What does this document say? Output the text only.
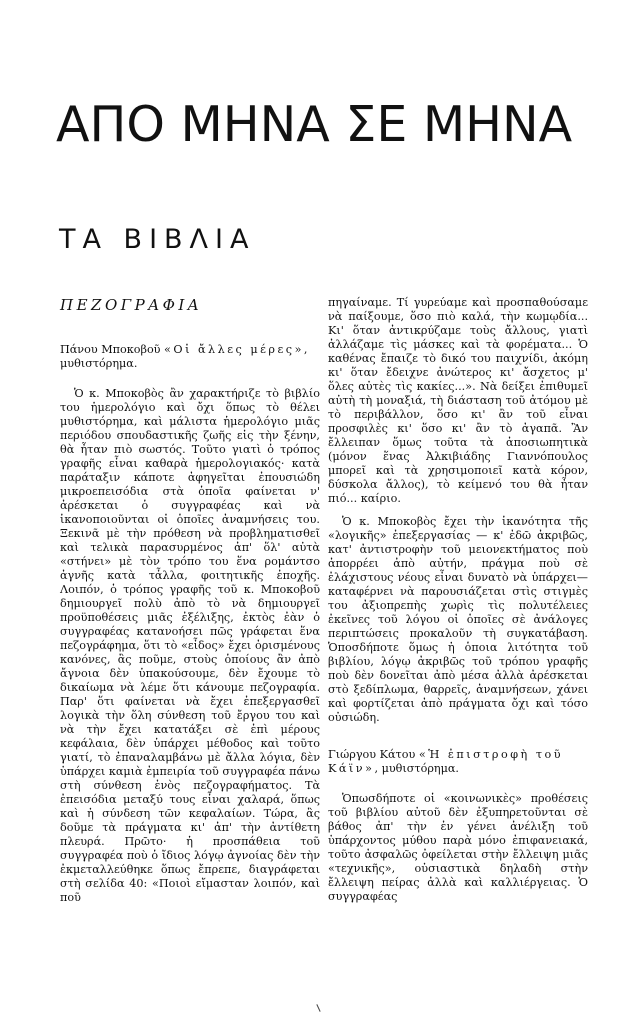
ΑΠΟ ΜΗΝΑ ΣΕ ΜΗΝΑ
ΤΑ ΒΙΒΛΙΑ
ΠΕΖΟΓΡΑΦΙΑ
Πάνου Μποκοβοῦ «Οἱ ἄλλες μέρες», μυθιστόρημα.

Ὁ κ. Μποκοβὸς ἂν χαρακτήριζε τὸ βιβλίο του ἡμερολόγιο καὶ ὄχι ὅπως τὸ θέλει μυθιστόρημα, καὶ μάλιστα ἡμερολόγιο μιᾶς περιόδου σπουδαστικῆς ζωῆς εἰς τὴν ξένην, θὰ ἦταν πιὸ σωστός. Τοῦτο γιατὶ ὁ τρόπος γραφῆς εἶναι καθαρὰ ἡμερολογιακός· κατὰ παράταξιν κάποτε ἀφηγεῖται ἐπουσιώδη μικροεπεισόδια στὰ ὁποῖα φαίνεται ν' ἀρέσκεται ὁ συγγραφέας καὶ νὰ ἱκανοποιοῦνται οἱ ὁποῖες ἀναμνήσεις του. Ξεκινᾶ μὲ τὴν πρόθεση νὰ προβληματισθεῖ καὶ τελικὰ παρασυρμένος ἀπ' ὅλ' αὐτὰ «στήνει» μὲ τὸν τρόπο του ἕνα ρομάντσο ἀγνῆς κατὰ τἆλλα, φοιτητικῆς ἐποχῆς. Λοιπόν, ὁ τρόπος γραφῆς τοῦ κ. Μποκοβοῦ δημιουργεῖ πολὺ ἀπὸ τὸ νὰ δημιουργεῖ προϋποθέσεις μιᾶς ἐξέλιξης, ἐκτὸς ἐὰν ὁ συγγραφέας κατανοήσει πῶς γράφεται ἕνα πεζογράφημα, ὅτι τὸ «εἶδος» ἔχει ὁρισμένους κανόνες, ἂς ποῦμε, στοὺς ὁποίους ἂν ἀπὸ ἄγνοια δὲν ὑπακούσουμε, δὲν ἔχουμε τὸ δικαίωμα νὰ λέμε ὅτι κάνουμε πεζογραφία. Παρ' ὅτι φαίνεται νὰ ἔχει ἐπεξεργασθεῖ λογικὰ τὴν ὅλη σύνθεση τοῦ ἔργου του καὶ νὰ τὴν ἔχει κατατάξει σὲ ἐπὶ μέρους κεφάλαια, δὲν ὑπάρχει μέθοδος καὶ τοῦτο γιατί, τὸ ἐπαναλαμβάνω μὲ ἄλλα λόγια, δὲν ὑπάρχει καμιὰ ἐμπειρία τοῦ συγγραφέα πάνω στὴ σύνθεση ἑνὸς πεζογραφήματος. Τὰ ἐπεισόδια μεταξύ τους εἶναι χαλαρά, ὅπως καὶ ἡ σύνδεση τῶν κεφαλαίων. Τώρα, ἂς δοῦμε τὰ πράγματα κι' ἀπ' τὴν ἀντίθετη πλευρά. Πρῶτο· ἡ προσπάθεια τοῦ συγγραφέα ποὺ ὁ ἴδιος λόγῳ ἀγνοίας δὲν τὴν ἐκμεταλλεύθηκε ὅπως ἔπρεπε, διαγράφεται στὴ σελίδα 40: «Ποιοὶ εἴμασταν λοιπόν, καὶ ποῦ

πηγαίναμε. Τί γυρεύαμε καὶ προσπαθούσαμε νὰ παίξουμε, ὅσο πιὸ καλά, τὴν κωμῳδία... Κι' ὅταν ἀντικρύζαμε τοὺς ἄλλους, γιατὶ ἀλλάζαμε τὶς μάσκες καὶ τὰ φορέματα... Ὁ καθένας ἔπαιζε τὸ δικό του παιχνίδι, ἀκόμη κι' ὅταν ἔδειχνε ἀνώτερος κι' ἄσχετος μ' ὅλες αὐτὲς τὶς κακίες...». Νὰ δείξει ἐπιθυμεῖ αὐτὴ τὴ μοναξιά, τὴ διάσταση τοῦ ἀτόμου μὲ τὸ περιβάλλον, ὅσο κι' ἂν τοῦ εἶναι προσφιλὲς κι' ὅσο κι' ἂν τὸ ἀγαπᾶ. Ἂν ἔλλειπαν ὅμως τοῦτα τὰ ἀποσιωπητικὰ (μόνον ἕνας Ἀλκιβιάδης Γιαννόπουλος μπορεῖ καὶ τὰ χρησιμοποιεῖ κατὰ κόρον, δύσκολα ἄλλος), τὸ κείμενό του θὰ ἦταν πιό... καίριο.

Ὁ κ. Μποκοβὸς ἔχει τὴν ἱκανότητα τῆς «λογικῆς» ἐπεξεργασίας — κ' ἐδῶ ἀκριβῶς, κατ' ἀντιστροφὴν τοῦ μειονεκτήματος ποὺ ἀπορρέει ἀπὸ αὐτήν, πράγμα ποὺ σὲ ἐλάχιστους νέους εἶναι δυνατὸ νὰ ὑπάρχει— καταφέρνει νὰ παρουσιάζεται στὶς στιγμὲς του ἀξιοπρεπὴς χωρὶς τὶς πολυτέλειες ἐκεῖνες τοῦ λόγου οἱ ὁποῖες σὲ ἀνάλογες περιπτώσεις προκαλοῦν τὴ συγκατάβαση. Ὁποσδήποτε ὅμως ἡ ὁποια λιτότητα τοῦ βιβλίου, λόγῳ ἀκριβῶς τοῦ τρόπου γραφῆς ποὺ δὲν δονεῖται ἀπὸ μέσα ἀλλὰ ἀρέσκεται στὸ ξεδίπλωμα, θαρρεῖς, ἀναμνήσεων, χάνει καὶ φορτίζεται ἀπὸ πράγματα ὄχι καὶ τόσο οὐσιώδη.

Γιώργου Κάτου «Ἡ ἐπιστροφὴ τοῦ Κάϊν», μυθιστόρημα.

Ὁπωσδήποτε οἱ «κοινωνικὲς» προθέσεις τοῦ βιβλίου αὐτοῦ δὲν ἐξυπηρετοῦνται σὲ βάθος ἀπ' τὴν ἐν γένει ἀνέλιξη τοῦ ὑπάρχοντος μύθου παρὰ μόνο ἐπιφανειακά, τοῦτο ἀσφαλῶς ὀφείλεται στὴν ἔλλειψη μιᾶς «τεχνικῆς», οὐσιαστικὰ δηλαδὴ στὴν ἔλλειψη πείρας ἀλλὰ καὶ καλλιέργειας. Ὁ συγγραφέας
